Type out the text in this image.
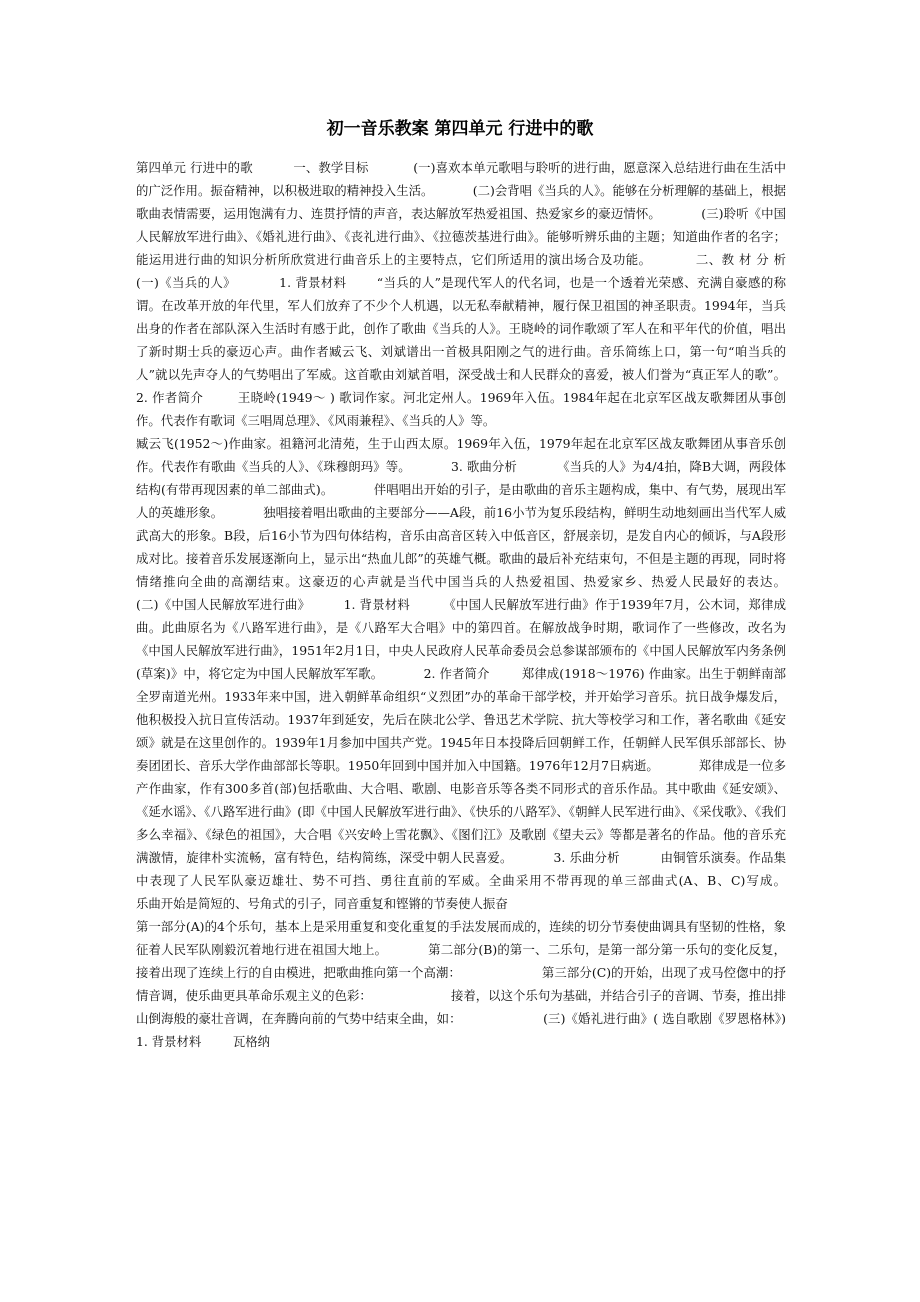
初一音乐教案 第四单元 行进中的歌
第四单元 行进中的歌          一、教学目标           (一)喜欢本单元歌唱与聆听的进行曲，愿意深入总结进行曲在生活中的广泛作用。振奋精神，以积极进取的精神投入生活。          (二)会背唱《当兵的人》。能够在分析理解的基础上，根据歌曲表情需要，运用饱满有力、连贯抒情的声音，表达解放军热爱祖国、热爱家乡的豪迈情怀。          (三)聆听《中国人民解放军进行曲》、《婚礼进行曲》、《丧礼进行曲》、《拉德茨基进行曲》。能够听辨乐曲的主题；知道曲作者的名字；能运用进行曲的知识分析所欣赏进行曲音乐上的主要特点，它们所适用的演出场合及功能。          二、教 材 分 析          (一)《当兵的人》          1. 背景材料       “当兵的人”是现代军人的代名词，也是一个透着光荣感、充满自豪感的称谓。在改革开放的年代里，军人们放弃了不少个人机遇，以无私奉献精神，履行保卫祖国的神圣职责。1994年，当兵出身的作者在部队深入生活时有感于此，创作了歌曲《当兵的人》。王晓岭的词作歌颂了军人在和平年代的价值，唱出了新时期士兵的豪迈心声。曲作者臧云飞、刘斌谱出一首极具阳刚之气的进行曲。音乐简练上口，第一句“咱当兵的人”就以先声夺人的气势唱出了军威。这首歌由刘斌首唱，深受战士和人民群众的喜爱，被人们誉为“真正军人的歌”。          2. 作者简介        王晓岭(1949～ ) 歌词作家。河北定州人。1969年入伍。1984年起在北京军区战友歌舞团从事创作。代表作有歌词《三唱周总理》、《风雨兼程》、《当兵的人》等。
臧云飞(1952～)作曲家。祖籍河北清苑，生于山西太原。1969年入伍，1979年起在北京军区战友歌舞团从事音乐创作。代表作有歌曲《当兵的人》、《珠穆朗玛》等。          3. 歌曲分析          《当兵的人》为4/4拍，降B大调，两段体结构(有带再现因素的单二部曲式)。          伴唱唱出开始的引子，是由歌曲的音乐主题构成，集中、有气势，展现出军人的英雄形象。          独唱接着唱出歌曲的主要部分——A段，前16小节为复乐段结构，鲜明生动地刻画出当代军人威武高大的形象。B段，后16小节为四句体结构，音乐由高音区转入中低音区，舒展亲切，是发自内心的倾诉，与A段形成对比。接着音乐发展逐渐向上，显示出“热血儿郎”的英雄气概。歌曲的最后补充结束句，不但是主题的再现，同时将情绪推向全曲的高潮结束。这豪迈的心声就是当代中国当兵的人热爱祖国、热爱家乡、热爱人民最好的表达。          (二)《中国人民解放军进行曲》        1. 背景材料        《中国人民解放军进行曲》作于1939年7月，公木词，郑律成曲。此曲原名为《八路军进行曲》，是《八路军大合唱》中的第四首。在解放战争时期，歌词作了一些修改，改名为《中国人民解放军进行曲》，1951年2月1日，中央人民政府人民革命委员会总参谋部颁布的《中国人民解放军内务条例(草案)》中，将它定为中国人民解放军军歌。          2. 作者简介        郑律成(1918～1976) 作曲家。出生于朝鲜南部全罗南道光州。1933年来中国，进入朝鲜革命组织“义烈团”办的革命干部学校，并开始学习音乐。抗日战争爆发后，他积极投入抗日宣传活动。1937年到延安，先后在陕北公学、鲁迅艺术学院、抗大等校学习和工作，著名歌曲《延安颂》就是在这里创作的。1939年1月参加中国共产党。1945年日本投降后回朝鲜工作，任朝鲜人民军俱乐部部长、协奏团团长、音乐大学作曲部部长等职。1950年回到中国并加入中国籍。1976年12月7日病逝。          郑律成是一位多产作曲家，作有300多首(部)包括歌曲、大合唱、歌剧、电影音乐等各类不同形式的音乐作品。其中歌曲《延安颂》、《延水谣》、《八路军进行曲》(即《中国人民解放军进行曲》、《快乐的八路军》、《朝鲜人民军进行曲》、《采伐歌》、《我们多么幸福》、《绿色的祖国》，大合唱《兴安岭上雪花飘》、《图们江》及歌剧《望夫云》等都是著名的作品。他的音乐充满激情，旋律朴实流畅，富有特色，结构简练，深受中朝人民喜爱。          3. 乐曲分析          由铜管乐演奏。作品集中表现了人民军队豪迈雄壮、势不可挡、勇往直前的军威。全曲采用不带再现的单三部曲式(A、B、C)写成。                    乐曲开始是简短的、号角式的引子，同音重复和铿锵的节奏使人振奋
第一部分(A)的4个乐句，基本上是采用重复和变化重复的手法发展而成的，连续的切分节奏使曲调具有坚韧的性格，象征着人民军队刚毅沉着地行进在祖国大地上。          第二部分(B)的第一、二乐句，是第一部分第一乐句的变化反复，接着出现了连续上行的自由模进，把歌曲推向第一个高潮：                    第三部分(C)的开始，出现了戎马倥偬中的抒情音调，使乐曲更具革命乐观主义的色彩：                    接着，以这个乐句为基础，并结合引子的音调、节奏，推出排山倒海般的豪壮音调，在奔腾向前的气势中结束全曲，如：                    (三)《婚礼进行曲》( 选自歌剧《罗恩格林》)          1. 背景材料        瓦格纳
